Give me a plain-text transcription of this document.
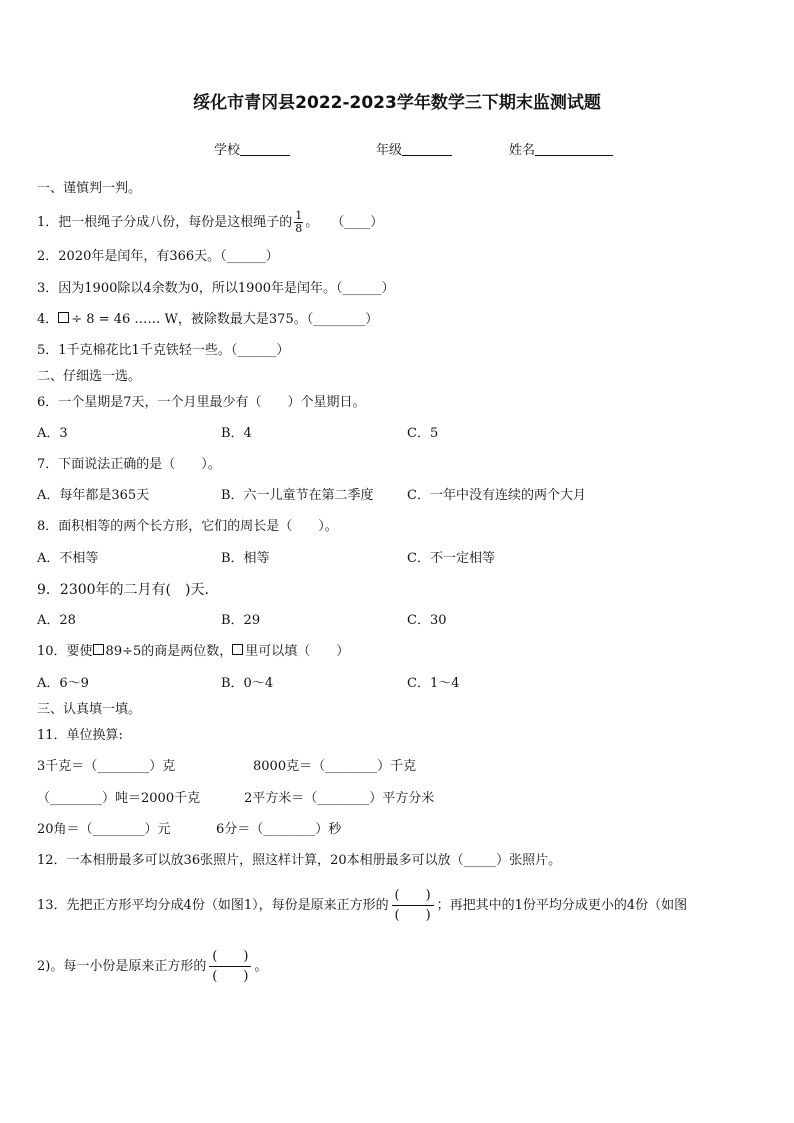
绥化市青冈县2022-2023学年数学三下期末监测试题
学校	年级	姓名
一、谨慎判一判。
1．把一根绳子分成八份，每份是这根绳子的 $\frac{1}{8}$ 。　　（____）
2．2020年是闰年，有366天。（______）
3．因为1900除以4余数为0，所以1900年是闰年。（______）
4． ÷ 8 = 46 …… W，被除数最大是375。（________）
5．1千克棉花比1千克铁轻一些。（______）
二、仔细选一选。
6．一个星期是7天，一个月里最少有（　　）个星期日。
A．3	B．4	C．5
7．下面说法正确的是（　　）。
A．每年都是365天	B．六一儿童节在第二季度	C．一年中没有连续的两个大月
8．面积相等的两个长方形，它们的周长是（　　）。
A．不相等	B．相等	C．不一定相等
9．2300年的二月有(　)天.
A．28	B．29	C．30
10．要使 89÷5的商是两位数， 里可以填（　　）
A．6～9	B．0～4	C．1～4
三、认真填一填。
11．单位换算:
3千克＝（________）克	8000克＝（________）千克
（________）吨＝2000千克	2平方米＝（________）平方分米
20角＝（________）元	6分＝（________）秒
12．一本相册最多可以放36张照片，照这样计算，20本相册最多可以放（_____）张照片。
13．先把正方形平均分成4份（如图1），每份是原来正方形的
(　　)
(　　)
；再把其中的1份平均分成更小的4份（如图
2)。每一小份是原来正方形的
(　　)
(　　)
。
